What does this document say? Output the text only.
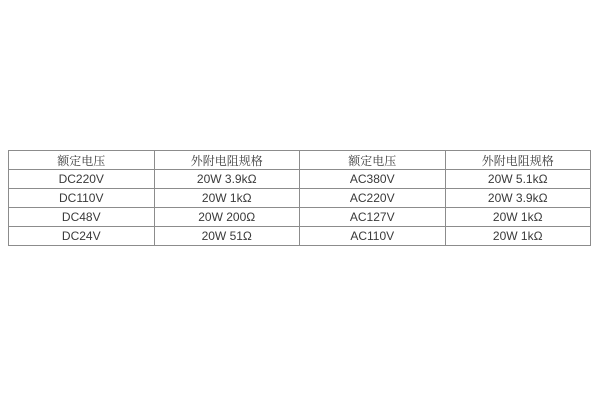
额定电压	外附电阻规格	额定电压	外附电阻规格
DC220V	20W 3.9kΩ	AC380V	20W 5.1kΩ
DC110V	20W 1kΩ	AC220V	20W 3.9kΩ
DC48V	20W 200Ω	AC127V	20W 1kΩ
DC24V	20W 51Ω	AC110V	20W 1kΩ
